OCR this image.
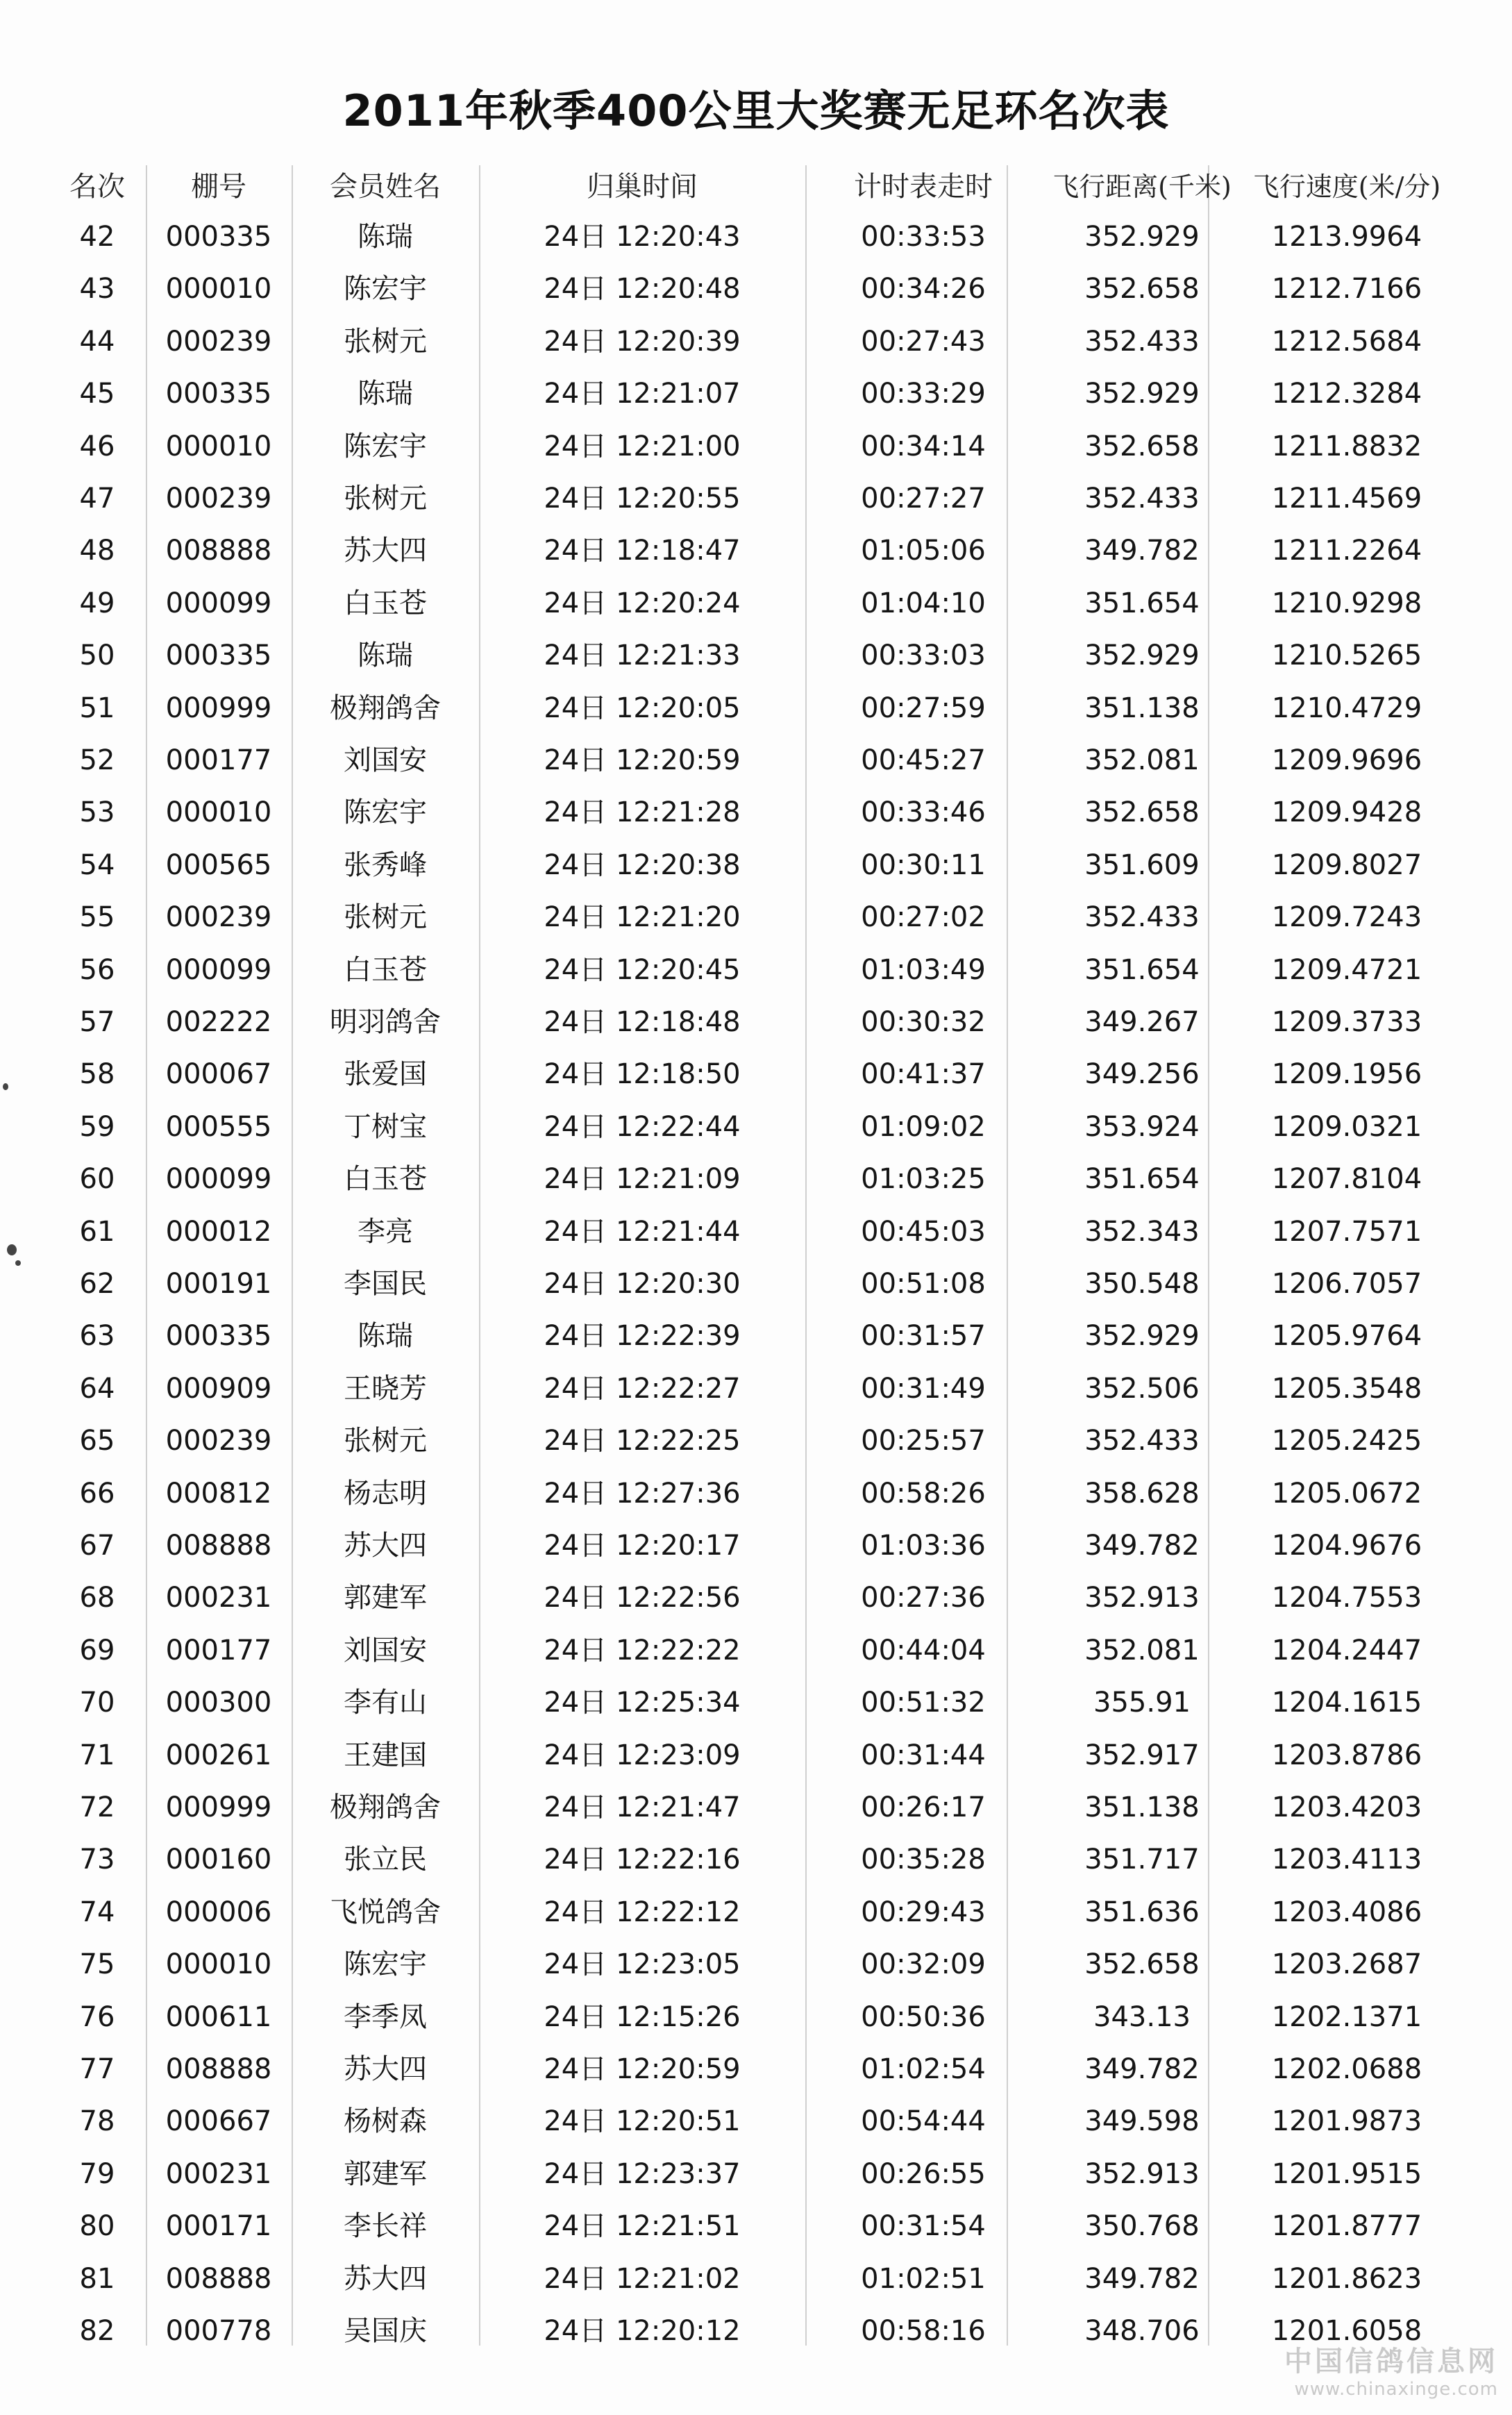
2011年秋季400公里大奖赛无足环名次表
名次	棚号	会员姓名	归巢时间	计时表走时	飞行距离(千米) 飞行速度(米/分)
42	000335	陈瑞	24日 12:20:43	00:33:53	352.929	1213.9964
43	000010	陈宏宇	24日 12:20:48	00:34:26	352.658	1212.7166
44	000239	张树元	24日 12:20:39	00:27:43	352.433	1212.5684
45	000335	陈瑞	24日 12:21:07	00:33:29	352.929	1212.3284
46	000010	陈宏宇	24日 12:21:00	00:34:14	352.658	1211.8832
47	000239	张树元	24日 12:20:55	00:27:27	352.433	1211.4569
48	008888	苏大四	24日 12:18:47	01:05:06	349.782	1211.2264
49	000099	白玉苍	24日 12:20:24	01:04:10	351.654	1210.9298
50	000335	陈瑞	24日 12:21:33	00:33:03	352.929	1210.5265
51	000999	极翔鸽舍	24日 12:20:05	00:27:59	351.138	1210.4729
52	000177	刘国安	24日 12:20:59	00:45:27	352.081	1209.9696
53	000010	陈宏宇	24日 12:21:28	00:33:46	352.658	1209.9428
54	000565	张秀峰	24日 12:20:38	00:30:11	351.609	1209.8027
55	000239	张树元	24日 12:21:20	00:27:02	352.433	1209.7243
56	000099	白玉苍	24日 12:20:45	01:03:49	351.654	1209.4721
57	002222	明羽鸽舍	24日 12:18:48	00:30:32	349.267	1209.3733
58	000067	张爱国	24日 12:18:50	00:41:37	349.256	1209.1956
59	000555	丁树宝	24日 12:22:44	01:09:02	353.924	1209.0321
60	000099	白玉苍	24日 12:21:09	01:03:25	351.654	1207.8104
61	000012	李亮	24日 12:21:44	00:45:03	352.343	1207.7571
62	000191	李国民	24日 12:20:30	00:51:08	350.548	1206.7057
63	000335	陈瑞	24日 12:22:39	00:31:57	352.929	1205.9764
64	000909	王晓芳	24日 12:22:27	00:31:49	352.506	1205.3548
65	000239	张树元	24日 12:22:25	00:25:57	352.433	1205.2425
66	000812	杨志明	24日 12:27:36	00:58:26	358.628	1205.0672
67	008888	苏大四	24日 12:20:17	01:03:36	349.782	1204.9676
68	000231	郭建军	24日 12:22:56	00:27:36	352.913	1204.7553
69	000177	刘国安	24日 12:22:22	00:44:04	352.081	1204.2447
70	000300	李有山	24日 12:25:34	00:51:32	355.91	1204.1615
71	000261	王建国	24日 12:23:09	00:31:44	352.917	1203.8786
72	000999	极翔鸽舍	24日 12:21:47	00:26:17	351.138	1203.4203
73	000160	张立民	24日 12:22:16	00:35:28	351.717	1203.4113
74	000006	飞悦鸽舍	24日 12:22:12	00:29:43	351.636	1203.4086
75	000010	陈宏宇	24日 12:23:05	00:32:09	352.658	1203.2687
76	000611	李季凤	24日 12:15:26	00:50:36	343.13	1202.1371
77	008888	苏大四	24日 12:20:59	01:02:54	349.782	1202.0688
78	000667	杨树森	24日 12:20:51	00:54:44	349.598	1201.9873
79	000231	郭建军	24日 12:23:37	00:26:55	352.913	1201.9515
80	000171	李长祥	24日 12:21:51	00:31:54	350.768	1201.8777
81	008888	苏大四	24日 12:21:02	01:02:51	349.782	1201.8623
82	000778	吴国庆	24日 12:20:12	00:58:16	348.706	1201.6058
中国信鸽信息网
www.chinaxinge.com
